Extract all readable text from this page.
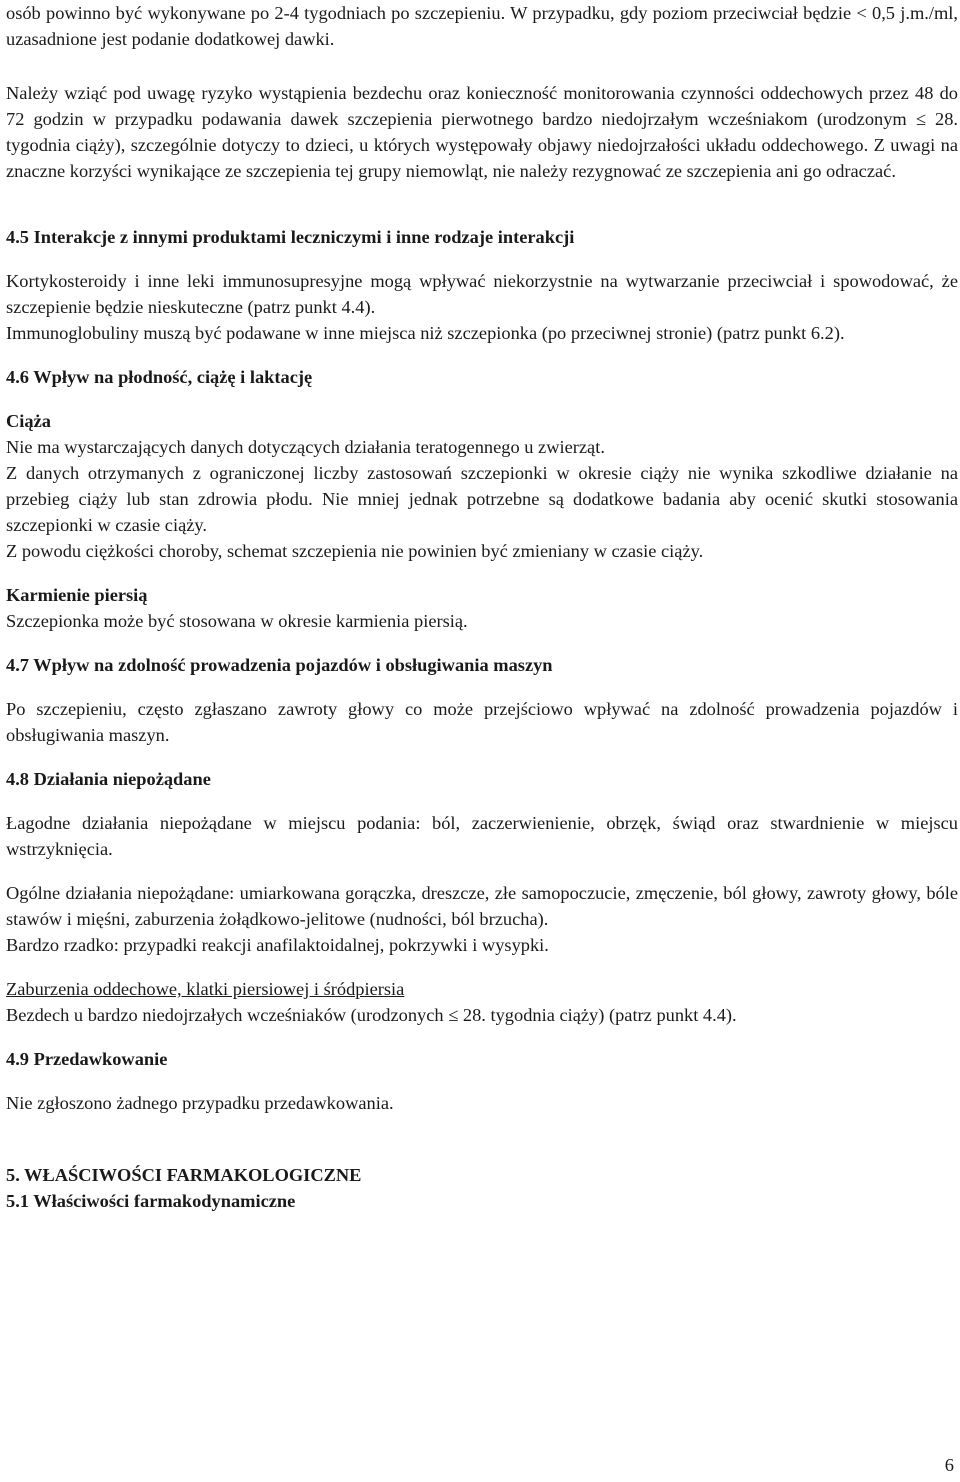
osób powinno być wykonywane po 2-4 tygodniach po szczepieniu. W przypadku, gdy poziom przeciwciał będzie < 0,5 j.m./ml, uzasadnione jest podanie dodatkowej dawki.

Należy wziąć pod uwagę ryzyko wystąpienia bezdechu oraz konieczność monitorowania czynności oddechowych przez 48 do 72 godzin w przypadku podawania dawek szczepienia pierwotnego bardzo niedojrzałym wcześniakom (urodzonym ≤ 28. tygodnia ciąży), szczególnie dotyczy to dzieci, u których występowały objawy niedojrzałości układu oddechowego. Z uwagi na znaczne korzyści wynikające ze szczepienia tej grupy niemowląt, nie należy rezygnować ze szczepienia ani go odraczać.

4.5 Interakcje z innymi produktami leczniczymi i inne rodzaje interakcji

Kortykosteroidy i inne leki immunosupresyjne mogą wpływać niekorzystnie na wytwarzanie przeciwciał i spowodować, że szczepienie będzie nieskuteczne (patrz punkt 4.4).

Immunoglobuliny muszą być podawane w inne miejsca niż szczepionka (po przeciwnej stronie) (patrz punkt 6.2).

4.6 Wpływ na płodność, ciążę i laktację

Ciąża

Nie ma wystarczających danych dotyczących działania teratogennego u zwierząt.

Z danych otrzymanych z ograniczonej liczby zastosowań szczepionki w okresie ciąży nie wynika szkodliwe działanie na przebieg ciąży lub stan zdrowia płodu. Nie mniej jednak potrzebne są dodatkowe badania aby ocenić skutki stosowania szczepionki w czasie ciąży.

Z powodu ciężkości choroby, schemat szczepienia nie powinien być zmieniany w czasie ciąży.

Karmienie piersią

Szczepionka może być stosowana w okresie karmienia piersią.

4.7 Wpływ na zdolność prowadzenia pojazdów i obsługiwania maszyn

Po szczepieniu, często zgłaszano zawroty głowy co może przejściowo wpływać na zdolność prowadzenia pojazdów i obsługiwania maszyn.

4.8 Działania niepożądane

Łagodne działania niepożądane w miejscu podania: ból, zaczerwienienie, obrzęk, świąd oraz stwardnienie w miejscu wstrzyknięcia.

Ogólne działania niepożądane: umiarkowana gorączka, dreszcze, złe samopoczucie, zmęczenie, ból głowy, zawroty głowy, bóle stawów i mięśni, zaburzenia żołądkowo-jelitowe (nudności, ból brzucha).

Bardzo rzadko: przypadki reakcji anafilaktoidalnej, pokrzywki i wysypki.

Zaburzenia oddechowe, klatki piersiowej i śródpiersia

Bezdech u bardzo niedojrzałych wcześniaków (urodzonych ≤ 28. tygodnia ciąży) (patrz punkt 4.4).

4.9 Przedawkowanie

Nie zgłoszono żadnego przypadku przedawkowania.

5. WŁAŚCIWOŚCI FARMAKOLOGICZNE

5.1 Właściwości farmakodynamiczne

6
